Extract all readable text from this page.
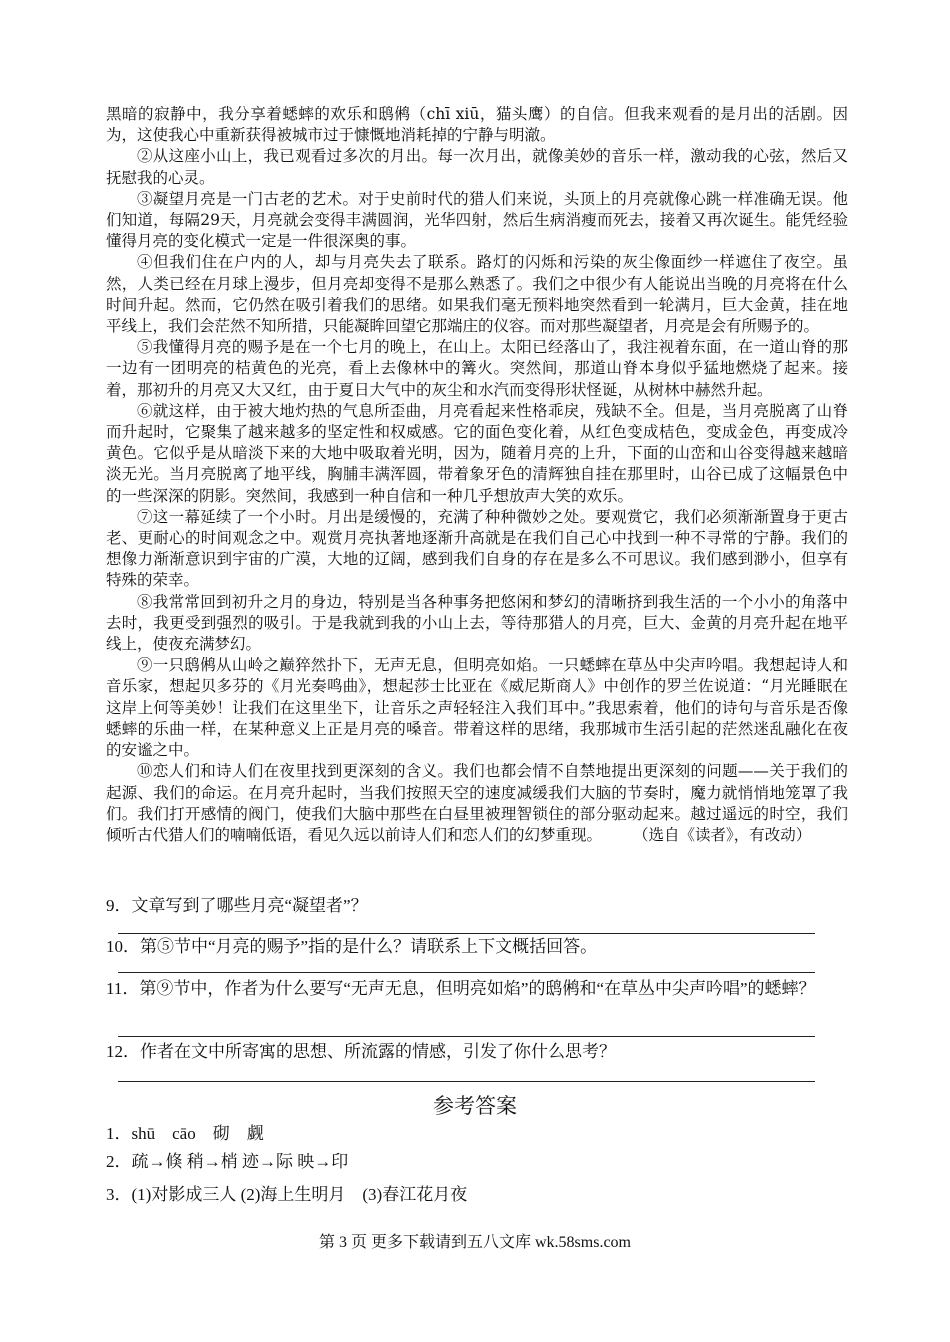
黑暗的寂静中，我分享着蟋蟀的欢乐和鸱鸺（chī xiū，猫头鹰）的自信。但我来观看的是月出的活剧。因为，这使我心中重新获得被城市过于慷慨地消耗掉的宁静与明澈。

②从这座小山上，我已观看过多次的月出。每一次月出，就像美妙的音乐一样，激动我的心弦，然后又抚慰我的心灵。

③凝望月亮是一门古老的艺术。对于史前时代的猎人们来说，头顶上的月亮就像心跳一样准确无误。他们知道，每隔29天，月亮就会变得丰满圆润，光华四射，然后生病消瘦而死去，接着又再次诞生。能凭经验懂得月亮的变化模式一定是一件很深奥的事。

④但我们住在户内的人，却与月亮失去了联系。路灯的闪烁和污染的灰尘像面纱一样遮住了夜空。虽然，人类已经在月球上漫步，但月亮却变得不是那么熟悉了。我们之中很少有人能说出当晚的月亮将在什么时间升起。然而，它仍然在吸引着我们的思绪。如果我们毫无预料地突然看到一轮满月，巨大金黄，挂在地平线上，我们会茫然不知所措，只能凝眸回望它那端庄的仪容。而对那些凝望者，月亮是会有所赐予的。

⑤我懂得月亮的赐予是在一个七月的晚上，在山上。太阳已经落山了，我注视着东面，在一道山脊的那一边有一团明亮的桔黄色的光亮，看上去像林中的篝火。突然间，那道山脊本身似乎猛地燃烧了起来。接着，那初升的月亮又大又红，由于夏日大气中的灰尘和水汽而变得形状怪诞，从树林中赫然升起。

⑥就这样，由于被大地灼热的气息所歪曲，月亮看起来性格乖戾，残缺不全。但是，当月亮脱离了山脊而升起时，它聚集了越来越多的坚定性和权威感。它的面色变化着，从红色变成桔色，变成金色，再变成冷黄色。它似乎是从暗淡下来的大地中吸取着光明，因为，随着月亮的上升，下面的山峦和山谷变得越来越暗淡无光。当月亮脱离了地平线，胸脯丰满浑圆，带着象牙色的清辉独自挂在那里时，山谷已成了这幅景色中的一些深深的阴影。突然间，我感到一种自信和一种几乎想放声大笑的欢乐。

⑦这一幕延续了一个小时。月出是缓慢的，充满了种种微妙之处。要观赏它，我们必须渐渐置身于更古老、更耐心的时间观念之中。观赏月亮执著地逐渐升高就是在我们自己心中找到一种不寻常的宁静。我们的想像力渐渐意识到宇宙的广漠，大地的辽阔，感到我们自身的存在是多么不可思议。我们感到渺小，但享有特殊的荣幸。

⑧我常常回到初升之月的身边，特别是当各种事务把悠闲和梦幻的清晰挤到我生活的一个小小的角落中去时，我更受到强烈的吸引。于是我就到我的小山上去，等待那猎人的月亮，巨大、金黄的月亮升起在地平线上，使夜充满梦幻。

⑨一只鸱鸺从山岭之巅猝然扑下，无声无息，但明亮如焰。一只蟋蟀在草丛中尖声吟唱。我想起诗人和音乐家，想起贝多芬的《月光奏鸣曲》，想起莎士比亚在《威尼斯商人》中创作的罗兰佐说道：“月光睡眠在这岸上何等美妙！让我们在这里坐下，让音乐之声轻轻注入我们耳中。”我思索着，他们的诗句与音乐是否像蟋蟀的乐曲一样，在某种意义上正是月亮的嗓音。带着这样的思绪，我那城市生活引起的茫然迷乱融化在夜的安谧之中。

⑩恋人们和诗人们在夜里找到更深刻的含义。我们也都会情不自禁地提出更深刻的问题——关于我们的起源、我们的命运。在月亮升起时，当我们按照天空的速度减缓我们大脑的节奏时，魔力就悄悄地笼罩了我们。我们打开感情的阀门，使我们大脑中那些在白昼里被理智锁住的部分驱动起来。越过遥远的时空，我们倾听古代猎人们的喃喃低语，看见久远以前诗人们和恋人们的幻梦重现。　　　	（选自《读者》，有改动）

9．文章写到了哪些月亮“凝望者”？
10．第⑤节中“月亮的赐予”指的是什么？请联系上下文概括回答。
11．第⑨节中，作者为什么要写“无声无息，但明亮如焰”的鸱鸺和“在草丛中尖声吟唱”的蟋蟀？
12．作者在文中所寄寓的思想、所流露的情感，引发了你什么思考？
参考答案
1．shū　cāo　砌　觑
2．疏→倏 稍→梢 迹→际 映→印
3．(1)对影成三人 (2)海上生明月　(3)春江花月夜
第 3 页 更多下载请到五八文库 wk.58sms.com
